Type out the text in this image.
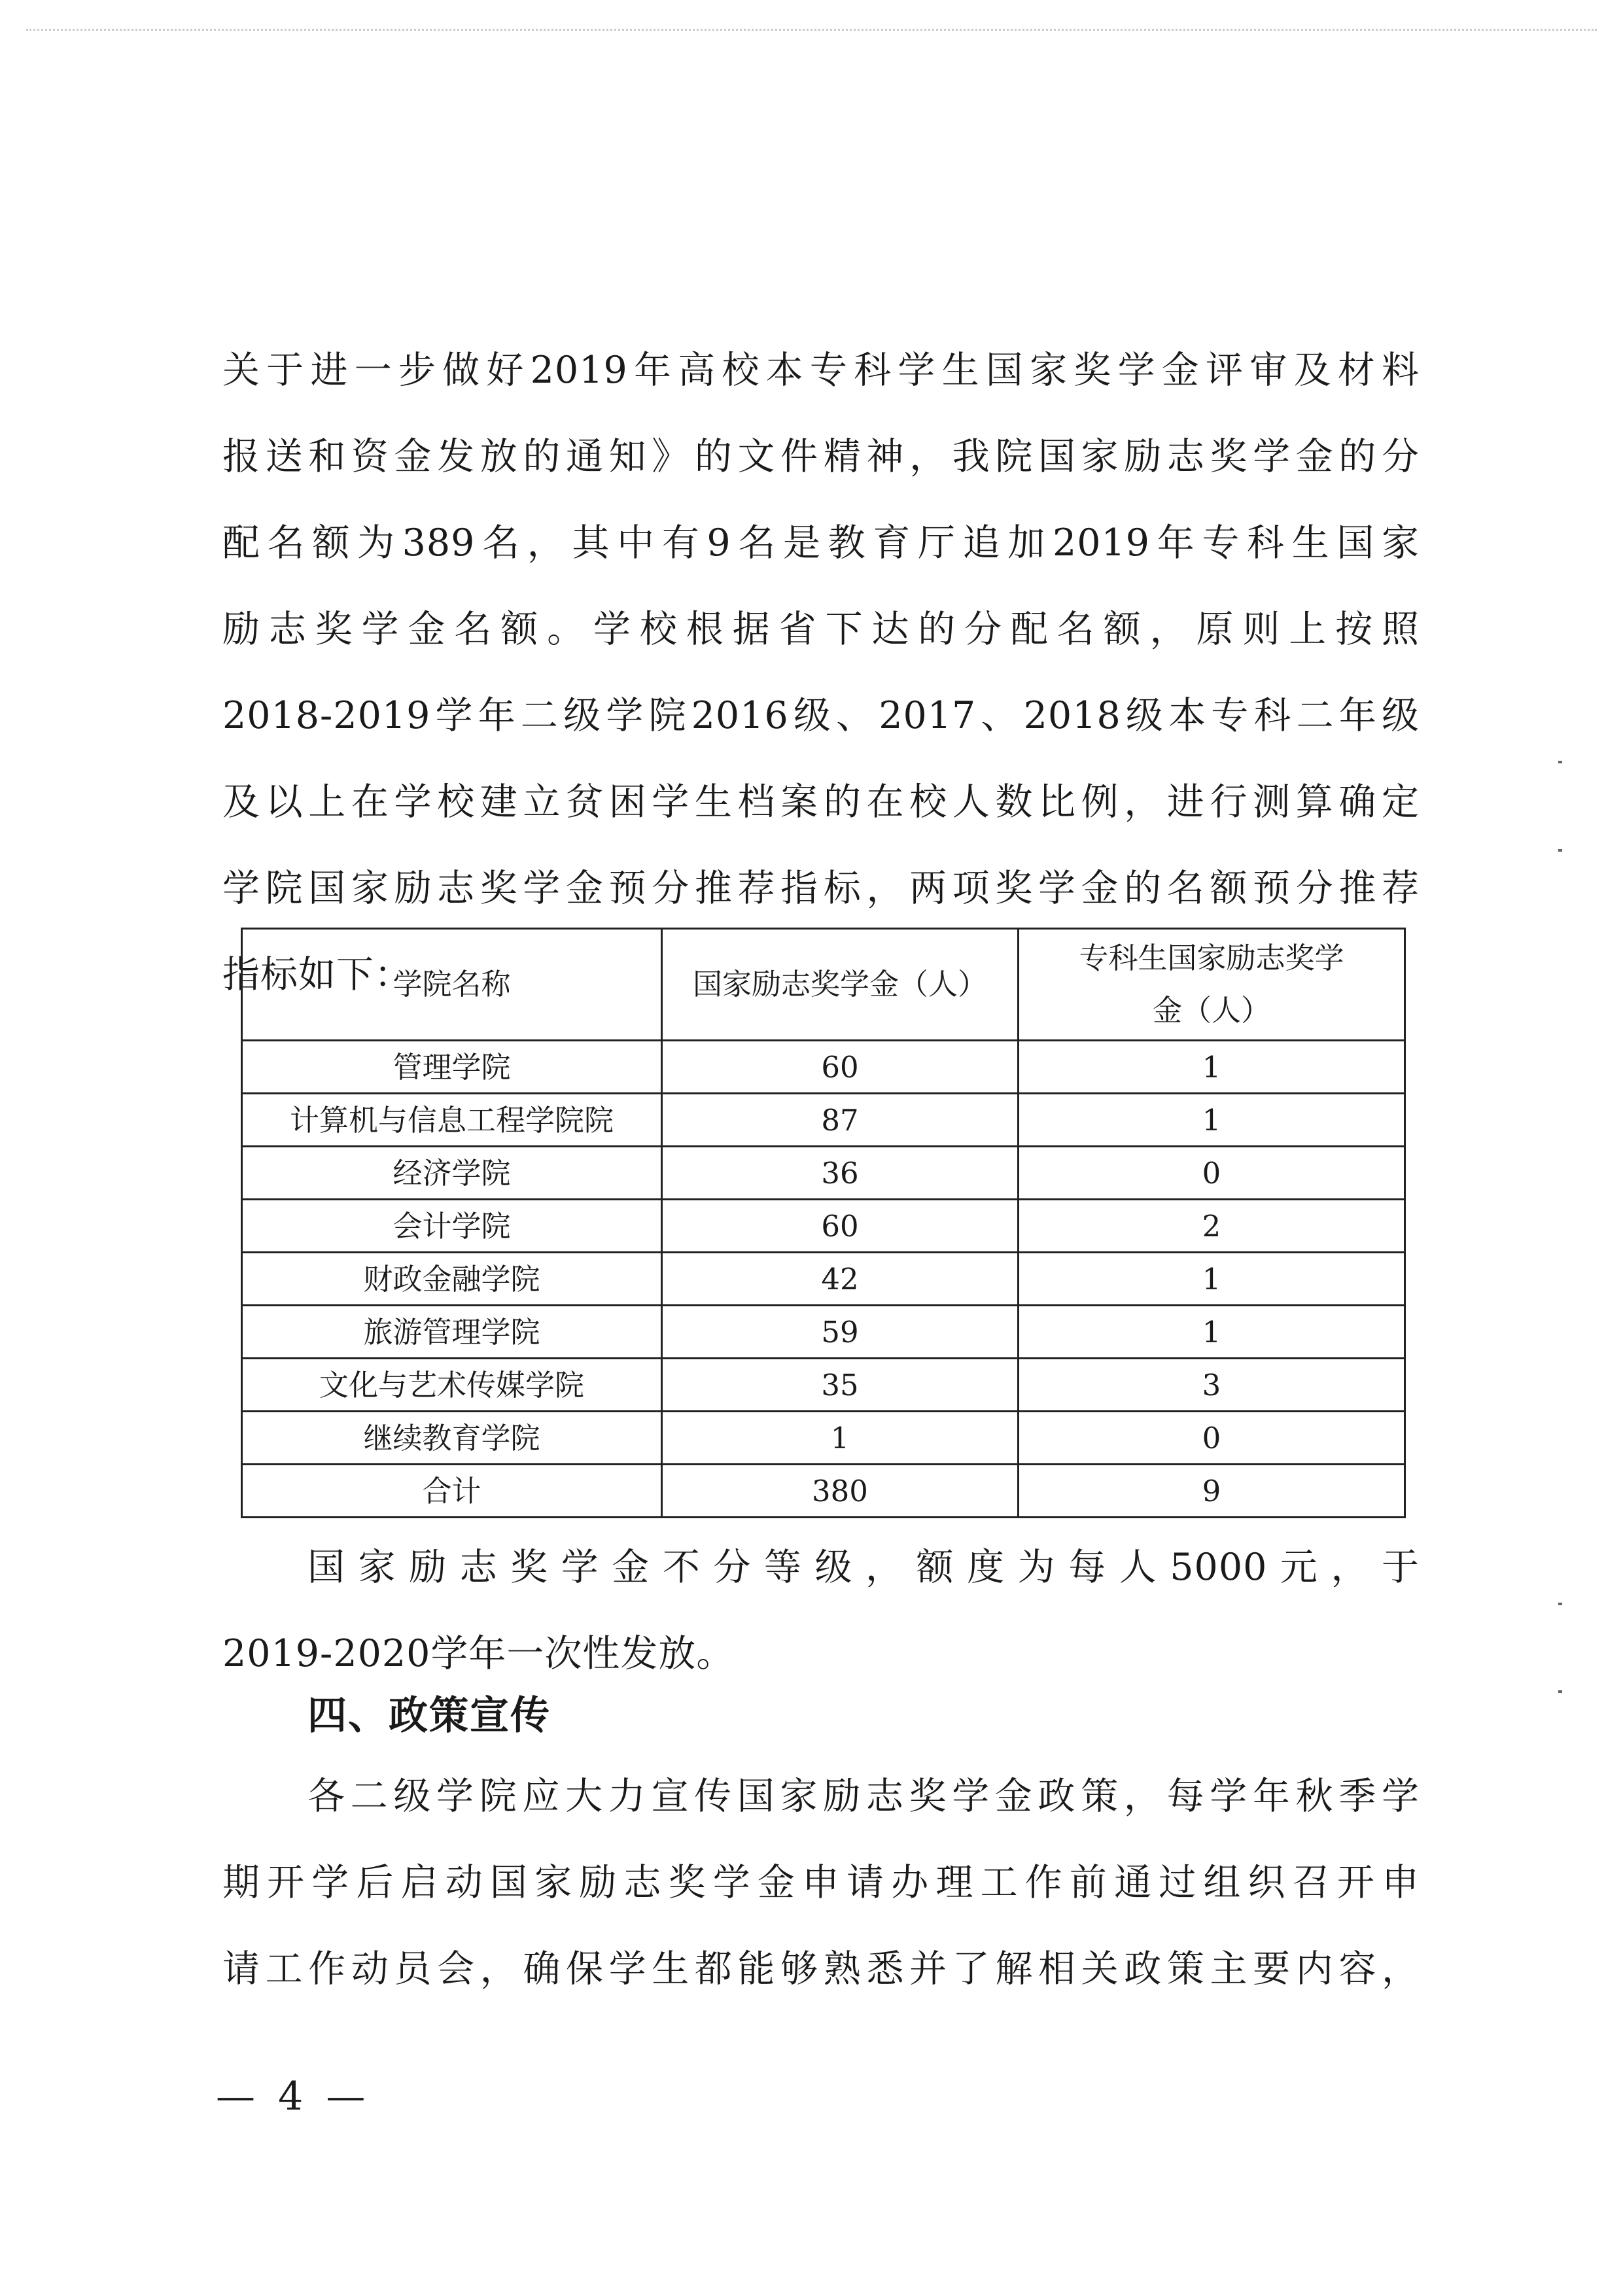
关于进一步做好2019年高校本专科学生国家奖学金评审及材料
报送和资金发放的通知》的文件精神，我院国家励志奖学金的分
配名额为389名，其中有9名是教育厅追加2019年专科生国家
励志奖学金名额。学校根据省下达的分配名额，原则上按照
2018-2019学年二级学院2016级、2017、2018级本专科二年级
及以上在学校建立贫困学生档案的在校人数比例，进行测算确定
学院国家励志奖学金预分推荐指标，两项奖学金的名额预分推荐
指标如下：
学院名称	国家励志奖学金（人）	专科生国家励志奖学金（人）
管理学院	60	1
计算机与信息工程学院院	87	1
经济学院	36	0
会计学院	60	2
财政金融学院	42	1
旅游管理学院	59	1
文化与艺术传媒学院	35	3
继续教育学院	1	0
合计	380	9
国家励志奖学金不分等级，额度为每人5000元，于
2019-2020学年一次性发放。
四、政策宣传
各二级学院应大力宣传国家励志奖学金政策，每学年秋季学
期开学后启动国家励志奖学金申请办理工作前通过组织召开申
请工作动员会，确保学生都能够熟悉并了解相关政策主要内容，
— 4 —
